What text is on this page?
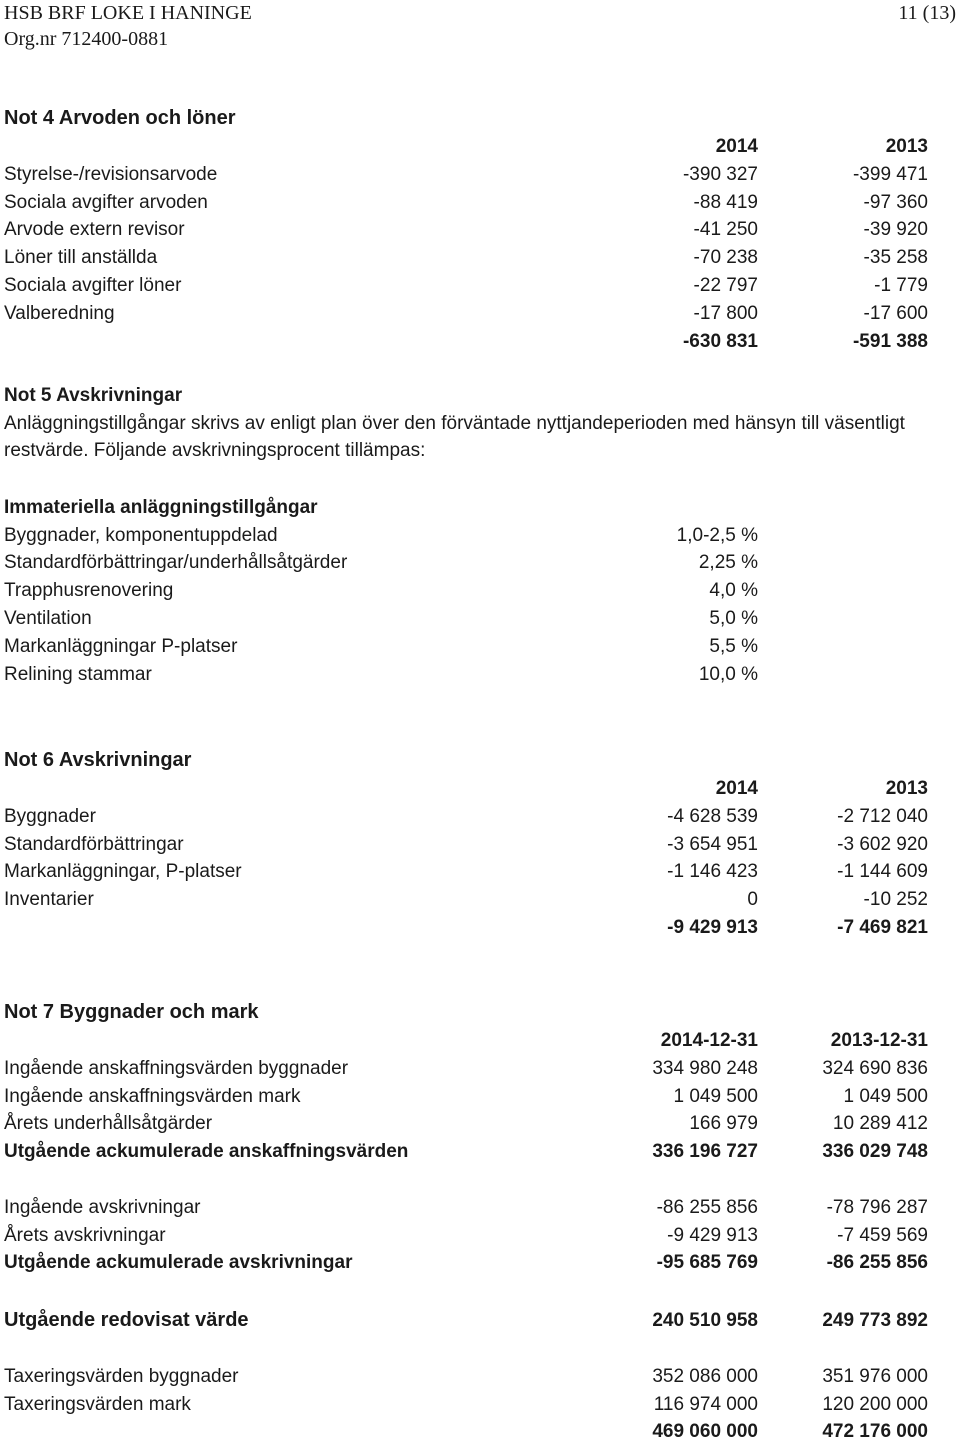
HSB BRF LOKE I HANINGE	11 (13)
Org.nr 712400-0881
Not 4 Arvoden och löner
2014	2013
Styrelse-/revisionsarvode	-390 327	-399 471
Sociala avgifter arvoden	-88 419	-97 360
Arvode extern revisor	-41 250	-39 920
Löner till anställda	-70 238	-35 258
Sociala avgifter löner	-22 797	-1 779
Valberedning	-17 800	-17 600
-630 831	-591 388
Not 5 Avskrivningar
Anläggningstillgångar skrivs av enligt plan över den förväntade nyttjandeperioden med hänsyn till väsentligt restvärde. Följande avskrivningsprocent tillämpas:
Immateriella anläggningstillgångar
Byggnader, komponentuppdelad	1,0-2,5 %
Standardförbättringar/underhållsåtgärder	2,25 %
Trapphusrenovering	4,0 %
Ventilation	5,0 %
Markanläggningar P-platser	5,5 %
Relining stammar	10,0 %
Not 6 Avskrivningar
2014	2013
Byggnader	-4 628 539	-2 712 040
Standardförbättringar	-3 654 951	-3 602 920
Markanläggningar, P-platser	-1 146 423	-1 144 609
Inventarier	0	-10 252
-9 429 913	-7 469 821
Not 7 Byggnader och mark
2014-12-31	2013-12-31
Ingående anskaffningsvärden byggnader	334 980 248	324 690 836
Ingående anskaffningsvärden mark	1 049 500	1 049 500
Årets underhållsåtgärder	166 979	10 289 412
Utgående ackumulerade anskaffningsvärden	336 196 727	336 029 748
Ingående avskrivningar	-86 255 856	-78 796 287
Årets avskrivningar	-9 429 913	-7 459 569
Utgående ackumulerade avskrivningar	-95 685 769	-86 255 856
Utgående redovisat värde	240 510 958	249 773 892
Taxeringsvärden byggnader	352 086 000	351 976 000
Taxeringsvärden mark	116 974 000	120 200 000
469 060 000	472 176 000
